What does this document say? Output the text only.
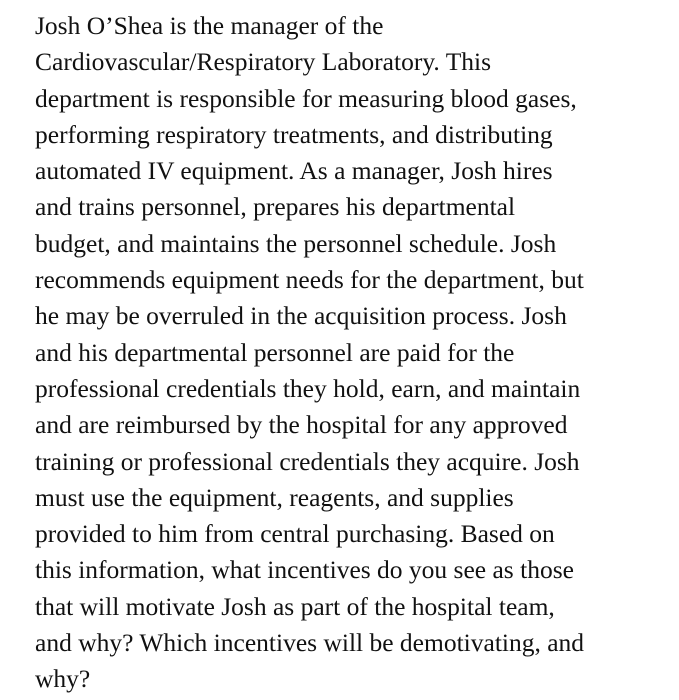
Josh O’Shea is the manager of the
Cardiovascular/Respiratory Laboratory. This
department is responsible for measuring blood gases,
performing respiratory treatments, and distributing
automated IV equipment. As a manager, Josh hires
and trains personnel, prepares his departmental
budget, and maintains the personnel schedule. Josh
recommends equipment needs for the department, but
he may be overruled in the acquisition process. Josh
and his departmental personnel are paid for the
professional credentials they hold, earn, and maintain
and are reimbursed by the hospital for any approved
training or professional credentials they acquire. Josh
must use the equipment, reagents, and supplies
provided to him from central purchasing. Based on
this information, what incentives do you see as those
that will motivate Josh as part of the hospital team,
and why? Which incentives will be demotivating, and
why?
